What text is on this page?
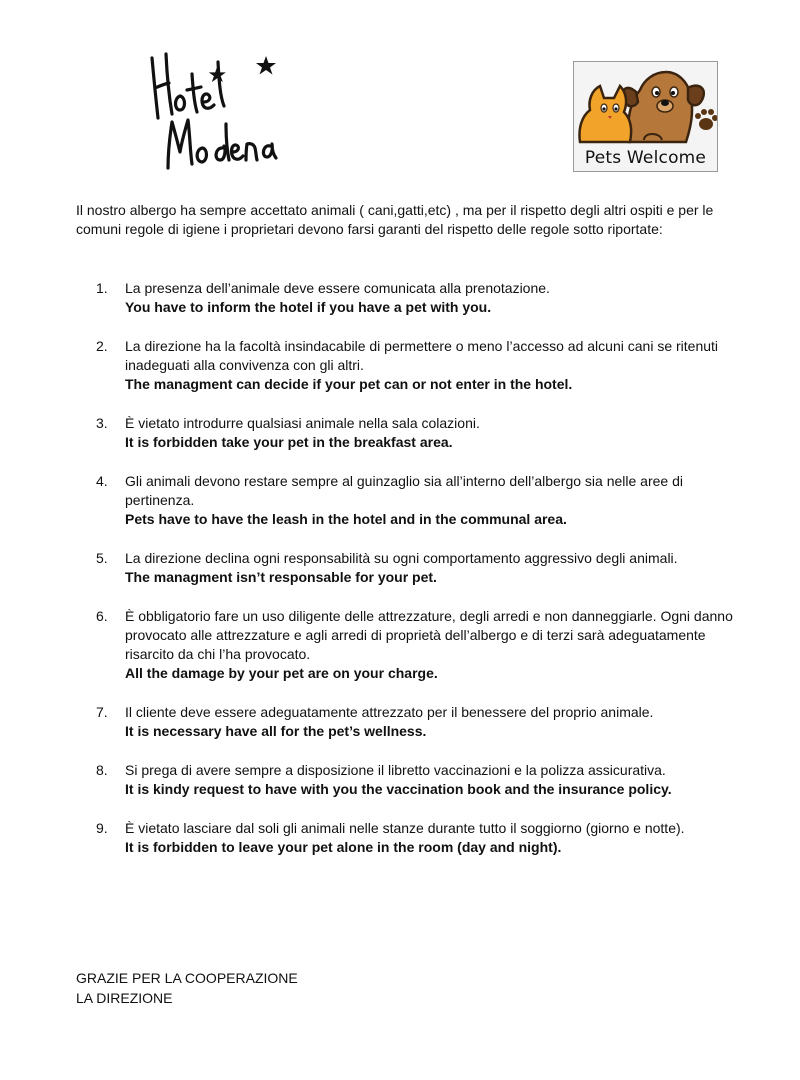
Pets Welcome
Il nostro albergo ha sempre accettato animali ( cani,gatti,etc) , ma per il rispetto degli altri ospiti e per le comuni regole di igiene i proprietari devono farsi garanti del rispetto delle regole sotto riportate:
1. La presenza dell’animale deve essere comunicata alla prenotazione.
You have to inform the hotel if you have a pet with you.
2. La direzione ha la facoltà insindacabile di permettere o meno l’accesso ad alcuni cani se ritenuti inadeguati alla convivenza con gli altri.
The managment can decide if your pet can or not enter in the hotel.
3. È vietato introdurre qualsiasi animale nella sala colazioni.
It is forbidden take your pet in the breakfast area.
4. Gli animali devono restare sempre al guinzaglio sia all’interno dell’albergo sia nelle aree di pertinenza.
Pets have to have the leash in the hotel and in the communal area.
5. La direzione declina ogni responsabilità su ogni comportamento aggressivo degli animali.
The managment isn’t responsable for your pet.
6. È obbligatorio fare un uso diligente delle attrezzature, degli arredi e non danneggiarle. Ogni danno provocato alle attrezzature e agli arredi di proprietà dell’albergo e di terzi sarà adeguatamente risarcito da chi l’ha provocato.
All the damage by your pet are on your charge.
7. Il cliente deve essere adeguatamente attrezzato per il benessere del proprio animale.
It is necessary have all for the pet’s wellness.
8. Si prega di avere sempre a disposizione il libretto vaccinazioni e la polizza assicurativa.
It is kindy request to have with you the vaccination book and the insurance policy.
9. È vietato lasciare dal soli gli animali nelle stanze durante tutto il soggiorno (giorno e notte).
It is forbidden to leave your pet alone in the room (day and night).
GRAZIE PER LA COOPERAZIONE
LA DIREZIONE
